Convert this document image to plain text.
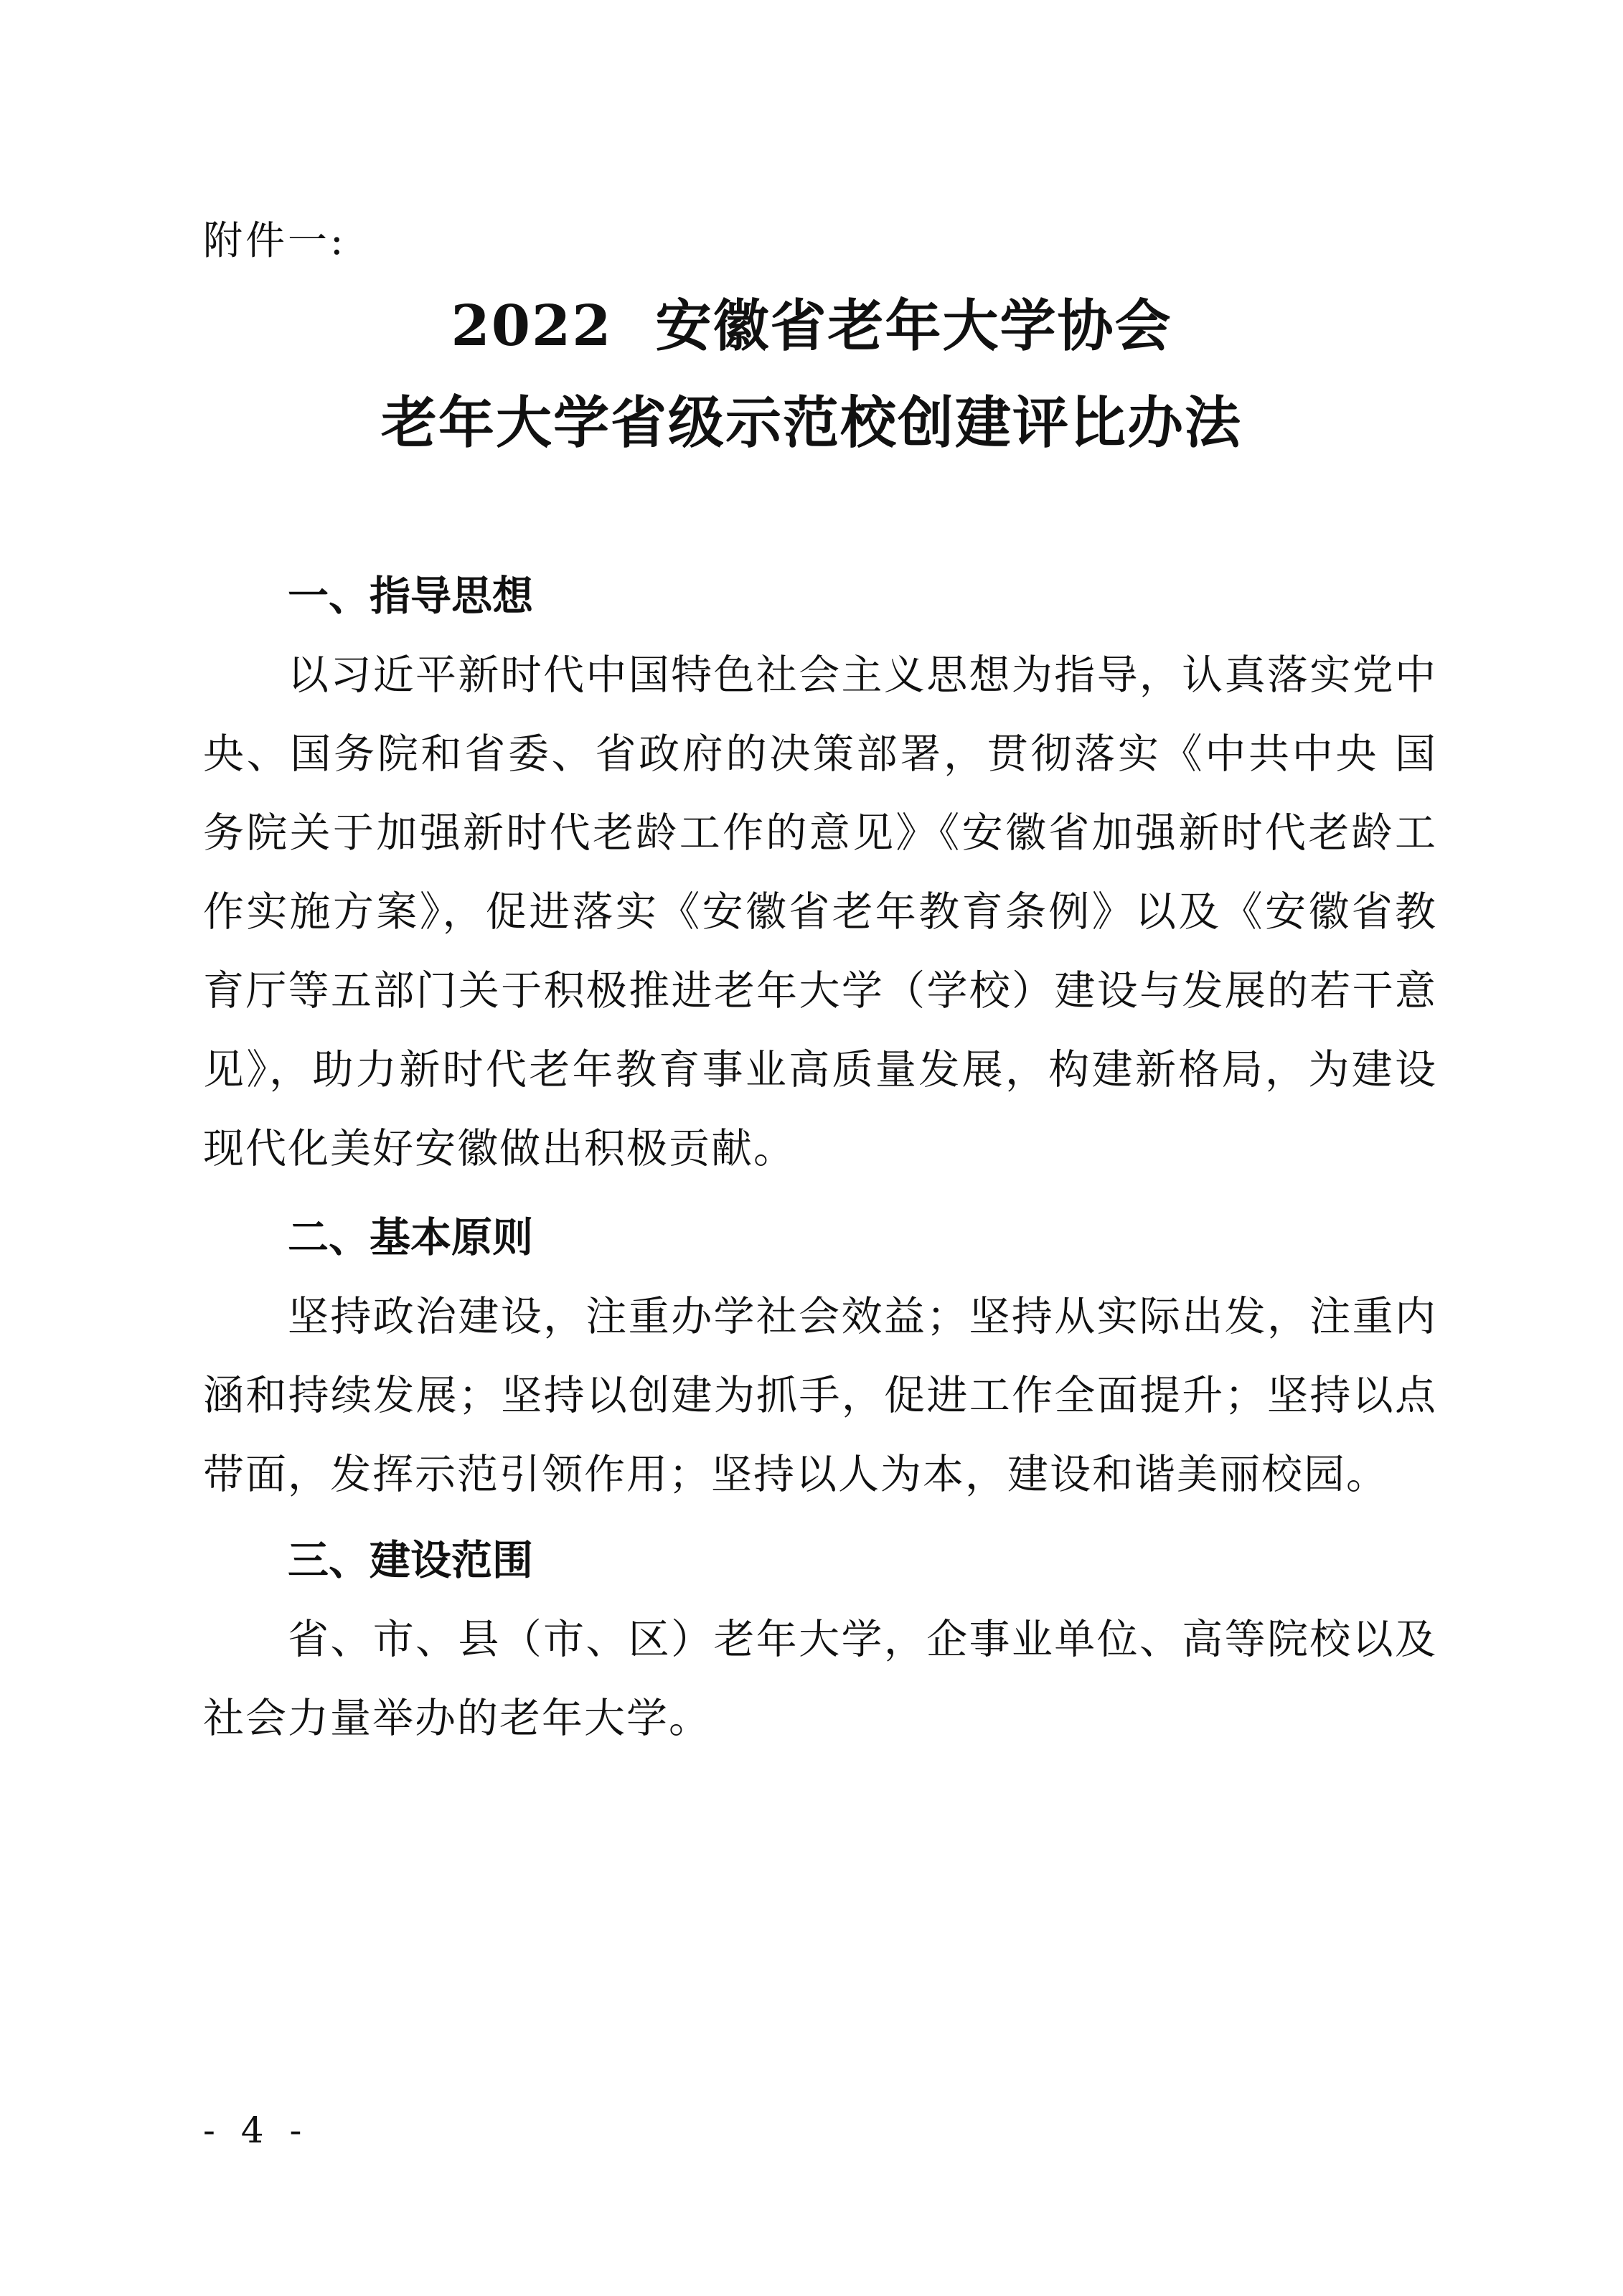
附件一:
2022 安徽省老年大学协会
老年大学省级示范校创建评比办法
一、指导思想

以习近平新时代中国特色社会主义思想为指导，认真落实党中央、国务院和省委、省政府的决策部署，贯彻落实《中共中央 国务院关于加强新时代老龄工作的意见》《安徽省加强新时代老龄工作实施方案》，促进落实《安徽省老年教育条例》以及《安徽省教育厅等五部门关于积极推进老年大学（学校）建设与发展的若干意见》，助力新时代老年教育事业高质量发展，构建新格局，为建设现代化美好安徽做出积极贡献。

二、基本原则

坚持政治建设，注重办学社会效益；坚持从实际出发，注重内涵和持续发展；坚持以创建为抓手，促进工作全面提升；坚持以点带面，发挥示范引领作用；坚持以人为本，建设和谐美丽校园。

三、建设范围

省、市、县（市、区）老年大学，企事业单位、高等院校以及社会力量举办的老年大学。

- 4 -
